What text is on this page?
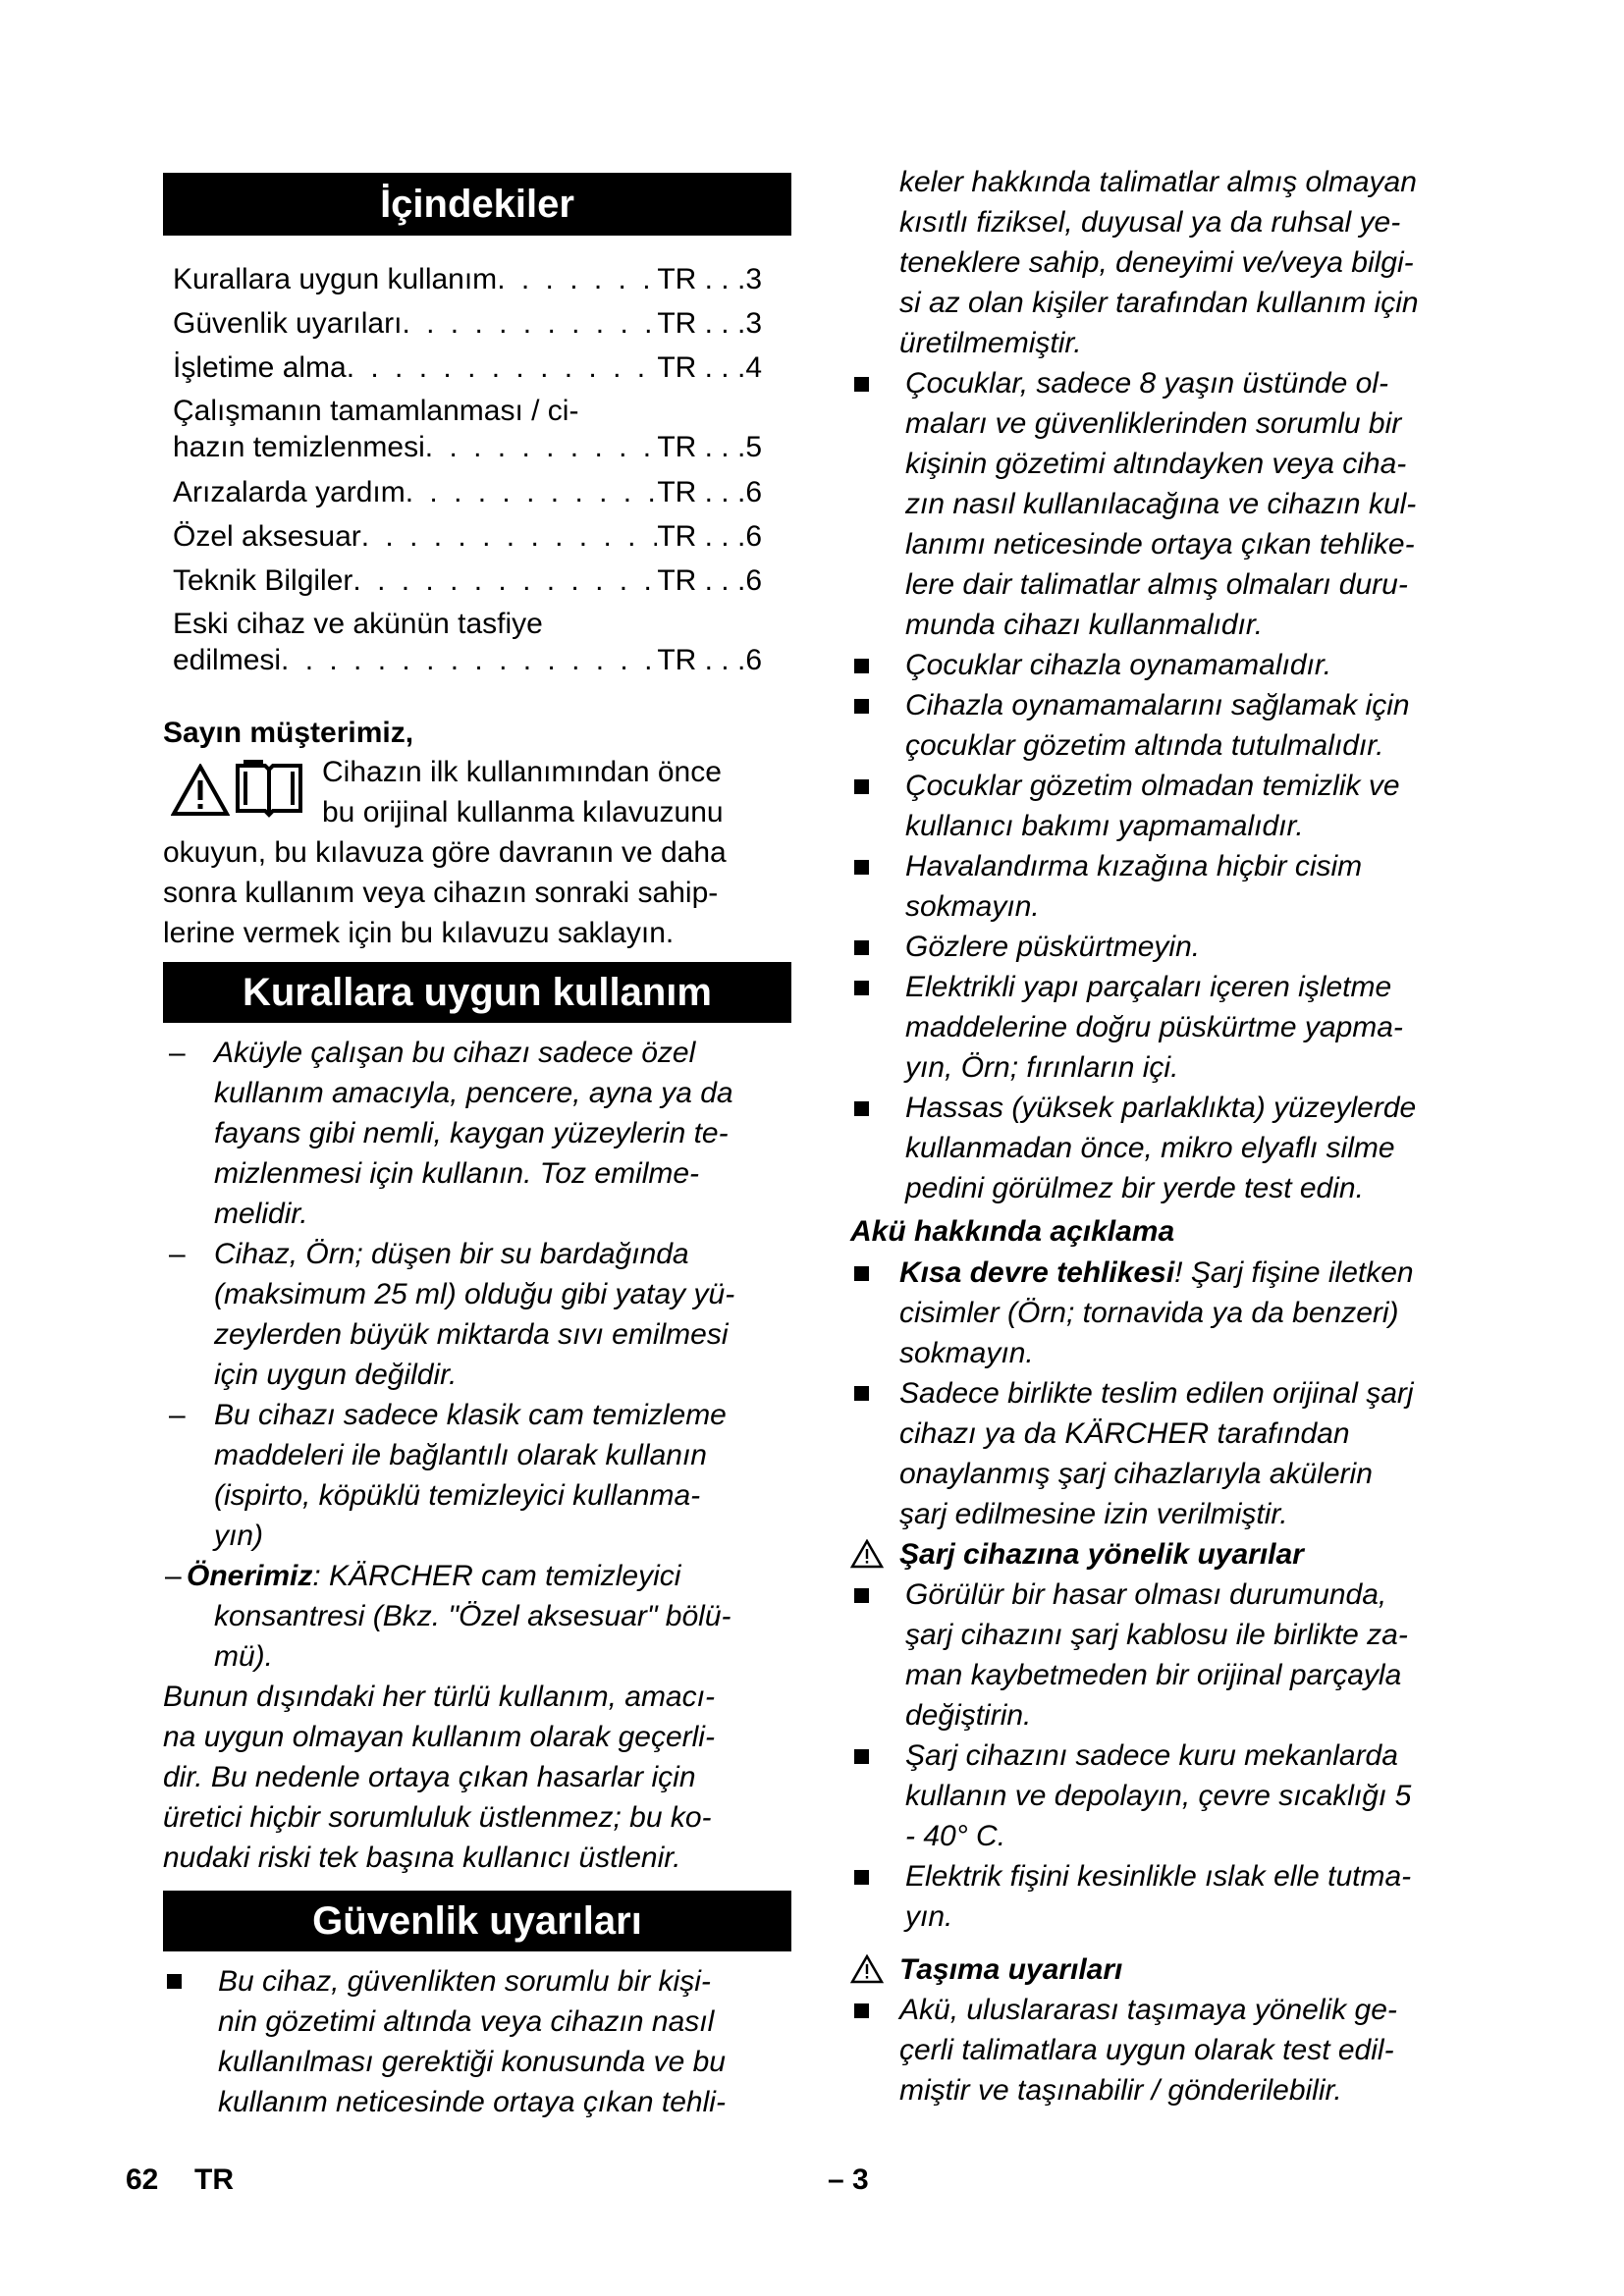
İçindekiler
Kurallara uygun kullanım . . .	TR . . .3
Güvenlik uyarıları . . .	TR . . .3
İşletime alma . . .	TR . . .4
Çalışmanın tamamlanması / ci-
hazın temizlenmesi . . .	TR . . .5
Arızalarda yardım . . .	TR . . .6
Özel aksesuar . . .	TR . . .6
Teknik Bilgiler . . .	TR . . .6
Eski cihaz ve akünün tasfiye
edilmesi . . .	TR . . .6
Sayın müşterimiz,
Cihazın ilk kullanımından önce
bu orijinal kullanma kılavuzunu
okuyun, bu kılavuza göre davranın ve daha
sonra kullanım veya cihazın sonraki sahip-
lerine vermek için bu kılavuzu saklayın.
Kurallara uygun kullanım
– Aküyle çalışan bu cihazı sadece özel
kullanım amacıyla, pencere, ayna ya da
fayans gibi nemli, kaygan yüzeylerin te-
mizlenmesi için kullanın. Toz emilme-
melidir.
– Cihaz, Örn; düşen bir su bardağında
(maksimum 25 ml) olduğu gibi yatay yü-
zeylerden büyük miktarda sıvı emilmesi
için uygun değildir.
– Bu cihazı sadece klasik cam temizleme
maddeleri ile bağlantılı olarak kullanın
(ispirto, köpüklü temizleyici kullanma-
yın)
– Önerimiz: KÄRCHER cam temizleyici
konsantresi (Bkz. "Özel aksesuar" bölü-
mü).
Bunun dışındaki her türlü kullanım, amacı-
na uygun olmayan kullanım olarak geçerli-
dir. Bu nedenle ortaya çıkan hasarlar için
üretici hiçbir sorumluluk üstlenmez; bu ko-
nudaki riski tek başına kullanıcı üstlenir.
Güvenlik uyarıları
Bu cihaz, güvenlikten sorumlu bir kişi-
nin gözetimi altında veya cihazın nasıl
kullanılması gerektiği konusunda ve bu
kullanım neticesinde ortaya çıkan tehli-
keler hakkında talimatlar almış olmayan
kısıtlı fiziksel, duyusal ya da ruhsal ye-
teneklere sahip, deneyimi ve/veya bilgi-
si az olan kişiler tarafından kullanım için
üretilmemiştir.
Çocuklar, sadece 8 yaşın üstünde ol-
maları ve güvenliklerinden sorumlu bir
kişinin gözetimi altındayken veya ciha-
zın nasıl kullanılacağına ve cihazın kul-
lanımı neticesinde ortaya çıkan tehlike-
lere dair talimatlar almış olmaları duru-
munda cihazı kullanmalıdır.
Çocuklar cihazla oynamamalıdır.
Cihazla oynamamalarını sağlamak için
çocuklar gözetim altında tutulmalıdır.
Çocuklar gözetim olmadan temizlik ve
kullanıcı bakımı yapmamalıdır.
Havalandırma kızağına hiçbir cisim
sokmayın.
Gözlere püskürtmeyin.
Elektrikli yapı parçaları içeren işletme
maddelerine doğru püskürtme yapma-
yın, Örn; fırınların içi.
Hassas (yüksek parlaklıkta) yüzeylerde
kullanmadan önce, mikro elyaflı silme
pedini görülmez bir yerde test edin.
Akü hakkında açıklama
Kısa devre tehlikesi! Şarj fişine iletken
cisimler (Örn; tornavida ya da benzeri)
sokmayın.
Sadece birlikte teslim edilen orijinal şarj
cihazı ya da KÄRCHER tarafından
onaylanmış şarj cihazlarıyla akülerin
şarj edilmesine izin verilmiştir.
Şarj cihazına yönelik uyarılar
Görülür bir hasar olması durumunda,
şarj cihazını şarj kablosu ile birlikte za-
man kaybetmeden bir orijinal parçayla
değiştirin.
Şarj cihazını sadece kuru mekanlarda
kullanın ve depolayın, çevre sıcaklığı 5
- 40° C.
Elektrik fişini kesinlikle ıslak elle tutma-
yın.
Taşıma uyarıları
Akü, uluslararası taşımaya yönelik ge-
çerli talimatlara uygun olarak test edil-
miştir ve taşınabilir / gönderilebilir.
62 TR	– 3
